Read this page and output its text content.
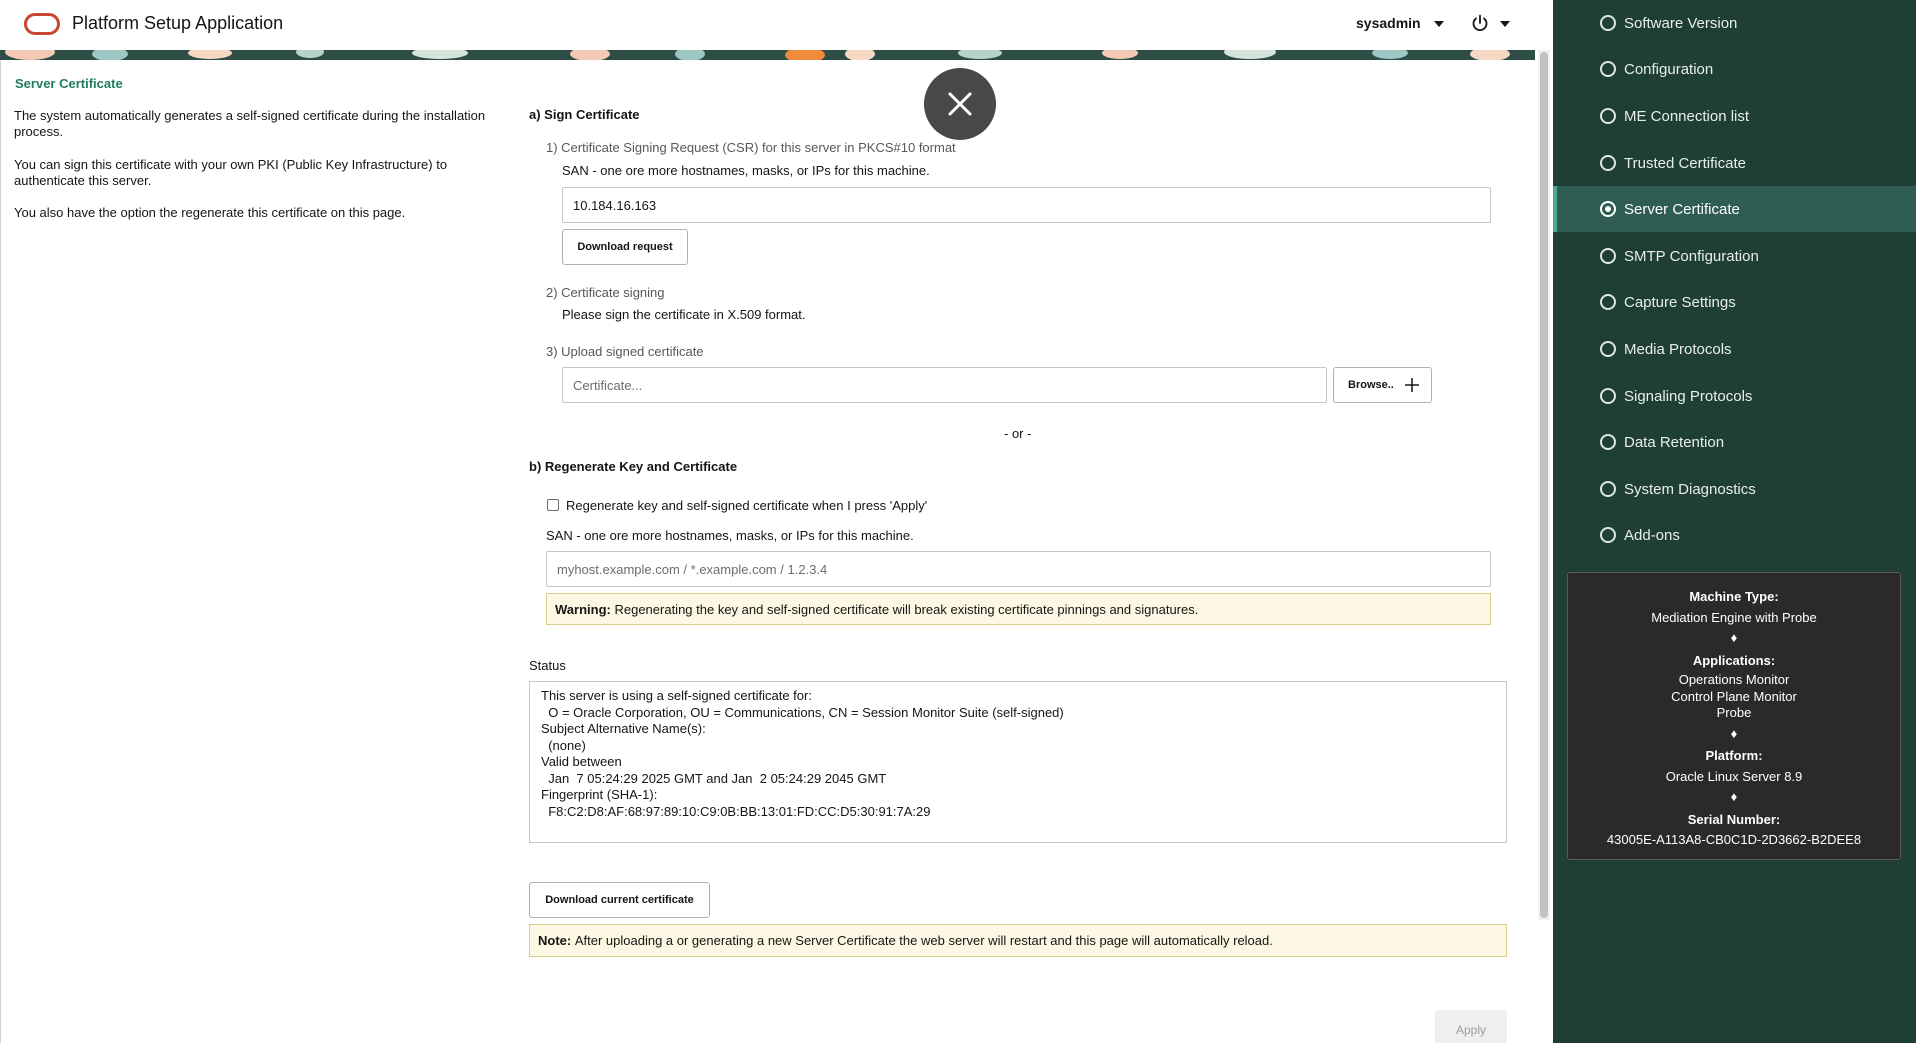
Platform Setup Application	sysadmin
Server Certificate
The system automatically generates a self-signed certificate during the installation
process.
You can sign this certificate with your own PKI (Public Key Infrastructure) to
authenticate this server.
You also have the option the regenerate this certificate on this page.
a) Sign Certificate
1) Certificate Signing Request (CSR) for this server in PKCS#10 format
SAN - one ore more hostnames, masks, or IPs for this machine.
10.184.16.163
Download request
2) Certificate signing
Please sign the certificate in X.509 format.
3) Upload signed certificate
Certificate...	Browse..
- or -
b) Regenerate Key and Certificate
Regenerate key and self-signed certificate when I press 'Apply'
SAN - one ore more hostnames, masks, or IPs for this machine.
myhost.example.com / *.example.com / 1.2.3.4
Warning:
Regenerating the key and self-signed certificate will break existing certificate pinnings and signatures.
Status
This server is using a self-signed certificate for:
O = Oracle Corporation, OU = Communications, CN = Session Monitor Suite (self-signed)
Subject Alternative Name(s):
(none)
Valid between
Jan  7 05:24:29 2025 GMT and Jan  2 05:24:29 2045 GMT
Fingerprint (SHA-1):
F8:C2:D8:AF:68:97:89:10:C9:0B:BB:13:01:FD:CC:D5:30:91:7A:29
Download current certificate
Note:
After uploading a or generating a new Server Certificate the web server will restart and this page will automatically reload.
Apply
Software Version
Configuration
ME Connection list
Trusted Certificate
Server Certificate
SMTP Configuration
Capture Settings
Media Protocols
Signaling Protocols
Data Retention
System Diagnostics
Add-ons
Machine Type:
Mediation Engine with Probe
♦
Applications:
Operations Monitor
Control Plane Monitor
Probe
♦
Platform:
Oracle Linux Server 8.9
♦
Serial Number:
43005E-A113A8-CB0C1D-2D3662-B2DEE8
